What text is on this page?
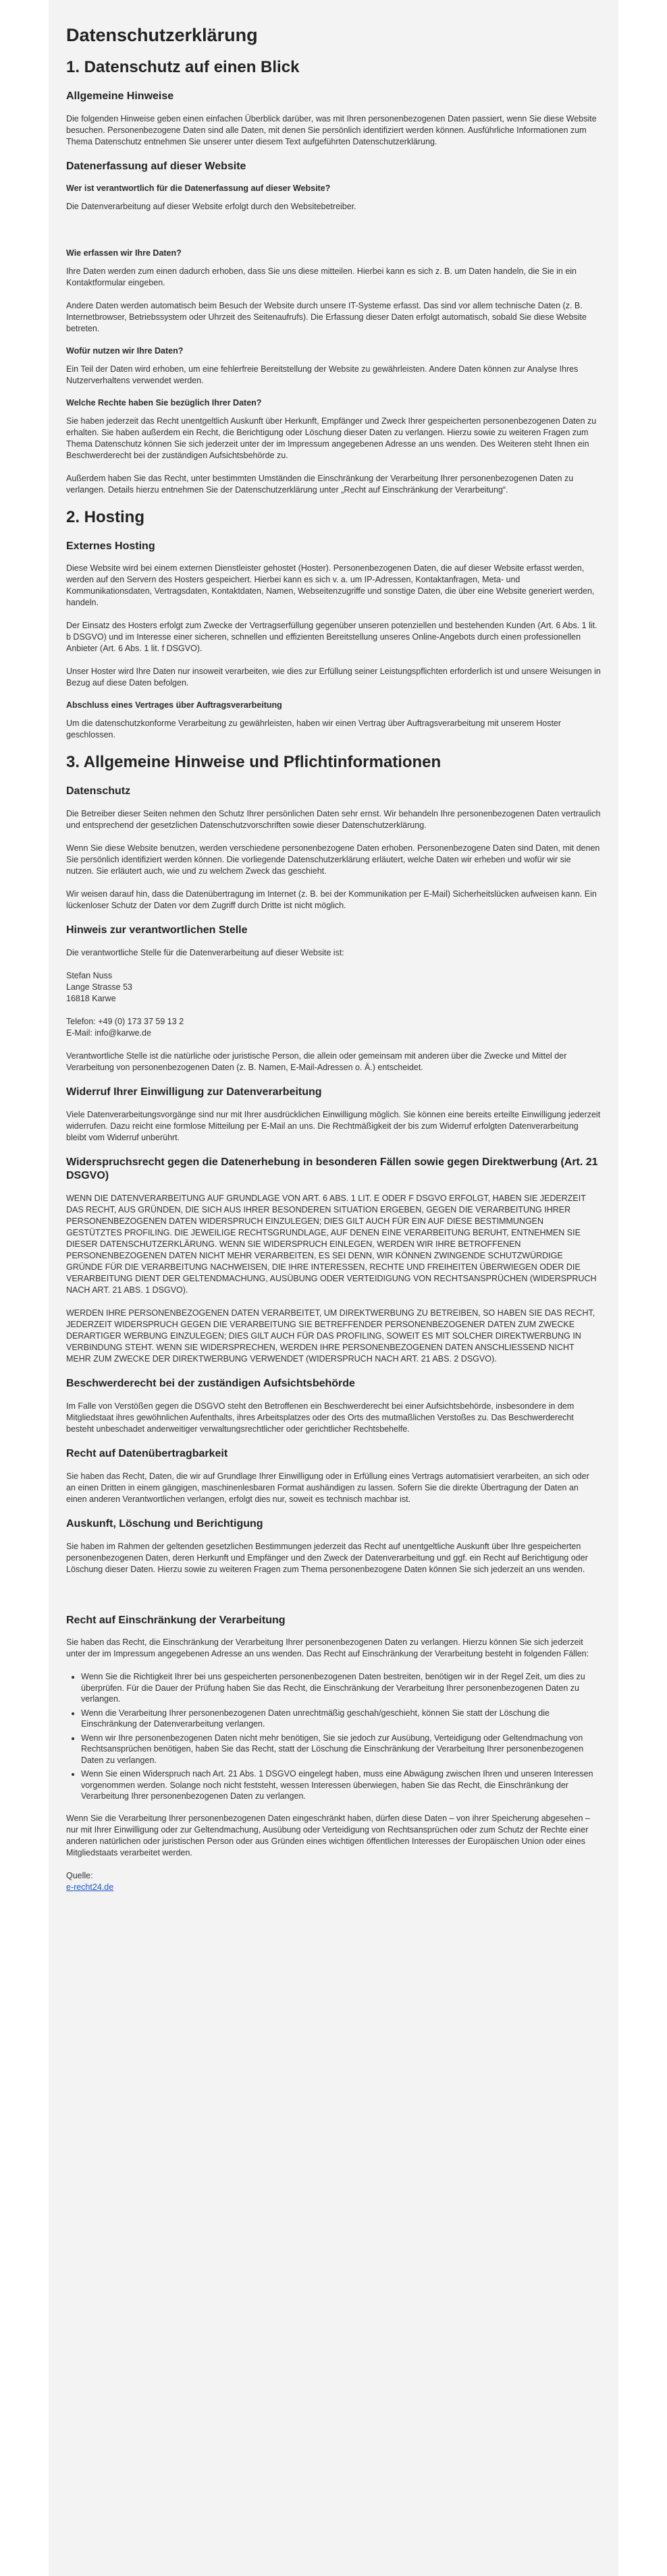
Datenschutzerklärung
1. Datenschutz auf einen Blick
Allgemeine Hinweise

Die folgenden Hinweise geben einen einfachen Überblick darüber, was mit Ihren personenbezogenen Daten passiert, wenn Sie diese Website besuchen. Personenbezogene Daten sind alle Daten, mit denen Sie persönlich identifiziert werden können. Ausführliche Informationen zum Thema Datenschutz entnehmen Sie unserer unter diesem Text aufgeführten Datenschutzerklärung.

Datenerfassung auf dieser Website
Wer ist verantwortlich für die Datenerfassung auf dieser Website?

Die Datenverarbeitung auf dieser Website erfolgt durch den Websitebetreiber.

Wie erfassen wir Ihre Daten?

Ihre Daten werden zum einen dadurch erhoben, dass Sie uns diese mitteilen. Hierbei kann es sich z. B. um Daten handeln, die Sie in ein Kontaktformular eingeben.

Andere Daten werden automatisch beim Besuch der Website durch unsere IT-Systeme erfasst. Das sind vor allem technische Daten (z. B. Internetbrowser, Betriebssystem oder Uhrzeit des Seitenaufrufs). Die Erfassung dieser Daten erfolgt automatisch, sobald Sie diese Website betreten.

Wofür nutzen wir Ihre Daten?

Ein Teil der Daten wird erhoben, um eine fehlerfreie Bereitstellung der Website zu gewährleisten. Andere Daten können zur Analyse Ihres Nutzerverhaltens verwendet werden.

Welche Rechte haben Sie bezüglich Ihrer Daten?

Sie haben jederzeit das Recht unentgeltlich Auskunft über Herkunft, Empfänger und Zweck Ihrer gespeicherten personenbezogenen Daten zu erhalten. Sie haben außerdem ein Recht, die Berichtigung oder Löschung dieser Daten zu verlangen. Hierzu sowie zu weiteren Fragen zum Thema Datenschutz können Sie sich jederzeit unter der im Impressum angegebenen Adresse an uns wenden. Des Weiteren steht Ihnen ein Beschwerderecht bei der zuständigen Aufsichtsbehörde zu.

Außerdem haben Sie das Recht, unter bestimmten Umständen die Einschränkung der Verarbeitung Ihrer personenbezogenen Daten zu verlangen. Details hierzu entnehmen Sie der Datenschutzerklärung unter „Recht auf Einschränkung der Verarbeitung“.

2. Hosting
Externes Hosting

Diese Website wird bei einem externen Dienstleister gehostet (Hoster). Personenbezogenen Daten, die auf dieser Website erfasst werden, werden auf den Servern des Hosters gespeichert. Hierbei kann es sich v. a. um IP-Adressen, Kontaktanfragen, Meta- und Kommunikationsdaten, Vertragsdaten, Kontaktdaten, Namen, Webseitenzugriffe und sonstige Daten, die über eine Website generiert werden, handeln.

Der Einsatz des Hosters erfolgt zum Zwecke der Vertragserfüllung gegenüber unseren potenziellen und bestehenden Kunden (Art. 6 Abs. 1 lit. b DSGVO) und im Interesse einer sicheren, schnellen und effizienten Bereitstellung unseres Online-Angebots durch einen professionellen Anbieter (Art. 6 Abs. 1 lit. f DSGVO).

Unser Hoster wird Ihre Daten nur insoweit verarbeiten, wie dies zur Erfüllung seiner Leistungspflichten erforderlich ist und unsere Weisungen in Bezug auf diese Daten befolgen.

Abschluss eines Vertrages über Auftragsverarbeitung

Um die datenschutzkonforme Verarbeitung zu gewährleisten, haben wir einen Vertrag über Auftragsverarbeitung mit unserem Hoster geschlossen.

3. Allgemeine Hinweise und Pflichtinformationen
Datenschutz

Die Betreiber dieser Seiten nehmen den Schutz Ihrer persönlichen Daten sehr ernst. Wir behandeln Ihre personenbezogenen Daten vertraulich und entsprechend der gesetzlichen Datenschutzvorschriften sowie dieser Datenschutzerklärung.

Wenn Sie diese Website benutzen, werden verschiedene personenbezogene Daten erhoben. Personenbezogene Daten sind Daten, mit denen Sie persönlich identifiziert werden können. Die vorliegende Datenschutzerklärung erläutert, welche Daten wir erheben und wofür wir sie nutzen. Sie erläutert auch, wie und zu welchem Zweck das geschieht.

Wir weisen darauf hin, dass die Datenübertragung im Internet (z. B. bei der Kommunikation per E-Mail) Sicherheitslücken aufweisen kann. Ein lückenloser Schutz der Daten vor dem Zugriff durch Dritte ist nicht möglich.

Hinweis zur verantwortlichen Stelle

Die verantwortliche Stelle für die Datenverarbeitung auf dieser Website ist:

Stefan Nuss
Lange Strasse 53
16818 Karwe

Telefon: +49 (0) 173 37 59 13 2
E-Mail: info@karwe.de

Verantwortliche Stelle ist die natürliche oder juristische Person, die allein oder gemeinsam mit anderen über die Zwecke und Mittel der Verarbeitung von personenbezogenen Daten (z. B. Namen, E-Mail-Adressen o. Ä.) entscheidet.

Widerruf Ihrer Einwilligung zur Datenverarbeitung

Viele Datenverarbeitungsvorgänge sind nur mit Ihrer ausdrücklichen Einwilligung möglich. Sie können eine bereits erteilte Einwilligung jederzeit widerrufen. Dazu reicht eine formlose Mitteilung per E-Mail an uns. Die Rechtmäßigkeit der bis zum Widerruf erfolgten Datenverarbeitung bleibt vom Widerruf unberührt.

Widerspruchsrecht gegen die Datenerhebung in besonderen Fällen sowie gegen Direktwerbung (Art. 21 DSGVO)

WENN DIE DATENVERARBEITUNG AUF GRUNDLAGE VON ART. 6 ABS. 1 LIT. E ODER F DSGVO ERFOLGT, HABEN SIE JEDERZEIT DAS RECHT, AUS GRÜNDEN, DIE SICH AUS IHRER BESONDEREN SITUATION ERGEBEN, GEGEN DIE VERARBEITUNG IHRER PERSONENBEZOGENEN DATEN WIDERSPRUCH EINZULEGEN; DIES GILT AUCH FÜR EIN AUF DIESE BESTIMMUNGEN GESTÜTZTES PROFILING. DIE JEWEILIGE RECHTSGRUNDLAGE, AUF DENEN EINE VERARBEITUNG BERUHT, ENTNEHMEN SIE DIESER DATENSCHUTZERKLÄRUNG. WENN SIE WIDERSPRUCH EINLEGEN, WERDEN WIR IHRE BETROFFENEN PERSONENBEZOGENEN DATEN NICHT MEHR VERARBEITEN, ES SEI DENN, WIR KÖNNEN ZWINGENDE SCHUTZWÜRDIGE GRÜNDE FÜR DIE VERARBEITUNG NACHWEISEN, DIE IHRE INTERESSEN, RECHTE UND FREIHEITEN ÜBERWIEGEN ODER DIE VERARBEITUNG DIENT DER GELTENDMACHUNG, AUSÜBUNG ODER VERTEIDIGUNG VON RECHTSANSPRÜCHEN (WIDERSPRUCH NACH ART. 21 ABS. 1 DSGVO).

WERDEN IHRE PERSONENBEZOGENEN DATEN VERARBEITET, UM DIREKTWERBUNG ZU BETREIBEN, SO HABEN SIE DAS RECHT, JEDERZEIT WIDERSPRUCH GEGEN DIE VERARBEITUNG SIE BETREFFENDER PERSONENBEZOGENER DATEN ZUM ZWECKE DERARTIGER WERBUNG EINZULEGEN; DIES GILT AUCH FÜR DAS PROFILING, SOWEIT ES MIT SOLCHER DIREKTWERBUNG IN VERBINDUNG STEHT. WENN SIE WIDERSPRECHEN, WERDEN IHRE PERSONENBEZOGENEN DATEN ANSCHLIESSEND NICHT MEHR ZUM ZWECKE DER DIREKTWERBUNG VERWENDET (WIDERSPRUCH NACH ART. 21 ABS. 2 DSGVO).

Beschwerderecht bei der zuständigen Aufsichtsbehörde

Im Falle von Verstößen gegen die DSGVO steht den Betroffenen ein Beschwerderecht bei einer Aufsichtsbehörde, insbesondere in dem Mitgliedstaat ihres gewöhnlichen Aufenthalts, ihres Arbeitsplatzes oder des Orts des mutmaßlichen Verstoßes zu. Das Beschwerderecht besteht unbeschadet anderweitiger verwaltungsrechtlicher oder gerichtlicher Rechtsbehelfe.

Recht auf Datenübertragbarkeit

Sie haben das Recht, Daten, die wir auf Grundlage Ihrer Einwilligung oder in Erfüllung eines Vertrags automatisiert verarbeiten, an sich oder an einen Dritten in einem gängigen, maschinenlesbaren Format aushändigen zu lassen. Sofern Sie die direkte Übertragung der Daten an einen anderen Verantwortlichen verlangen, erfolgt dies nur, soweit es technisch machbar ist.

Auskunft, Löschung und Berichtigung

Sie haben im Rahmen der geltenden gesetzlichen Bestimmungen jederzeit das Recht auf unentgeltliche Auskunft über Ihre gespeicherten personenbezogenen Daten, deren Herkunft und Empfänger und den Zweck der Datenverarbeitung und ggf. ein Recht auf Berichtigung oder Löschung dieser Daten. Hierzu sowie zu weiteren Fragen zum Thema personenbezogene Daten können Sie sich jederzeit an uns wenden.

Recht auf Einschränkung der Verarbeitung

Sie haben das Recht, die Einschränkung der Verarbeitung Ihrer personenbezogenen Daten zu verlangen. Hierzu können Sie sich jederzeit unter der im Impressum angegebenen Adresse an uns wenden. Das Recht auf Einschränkung der Verarbeitung besteht in folgenden Fällen:

• Wenn Sie die Richtigkeit Ihrer bei uns gespeicherten personenbezogenen Daten bestreiten, benötigen wir in der Regel Zeit, um dies zu überprüfen. Für die Dauer der Prüfung haben Sie das Recht, die Einschränkung der Verarbeitung Ihrer personenbezogenen Daten zu verlangen.
• Wenn die Verarbeitung Ihrer personenbezogenen Daten unrechtmäßig geschah/geschieht, können Sie statt der Löschung die Einschränkung der Datenverarbeitung verlangen.
• Wenn wir Ihre personenbezogenen Daten nicht mehr benötigen, Sie sie jedoch zur Ausübung, Verteidigung oder Geltendmachung von Rechtsansprüchen benötigen, haben Sie das Recht, statt der Löschung die Einschränkung der Verarbeitung Ihrer personenbezogenen Daten zu verlangen.
• Wenn Sie einen Widerspruch nach Art. 21 Abs. 1 DSGVO eingelegt haben, muss eine Abwägung zwischen Ihren und unseren Interessen vorgenommen werden. Solange noch nicht feststeht, wessen Interessen überwiegen, haben Sie das Recht, die Einschränkung der Verarbeitung Ihrer personenbezogenen Daten zu verlangen.

Wenn Sie die Verarbeitung Ihrer personenbezogenen Daten eingeschränkt haben, dürfen diese Daten – von ihrer Speicherung abgesehen – nur mit Ihrer Einwilligung oder zur Geltendmachung, Ausübung oder Verteidigung von Rechtsansprüchen oder zum Schutz der Rechte einer anderen natürlichen oder juristischen Person oder aus Gründen eines wichtigen öffentlichen Interesses der Europäischen Union oder eines Mitgliedstaats verarbeitet werden.

Quelle:
e-recht24.de
